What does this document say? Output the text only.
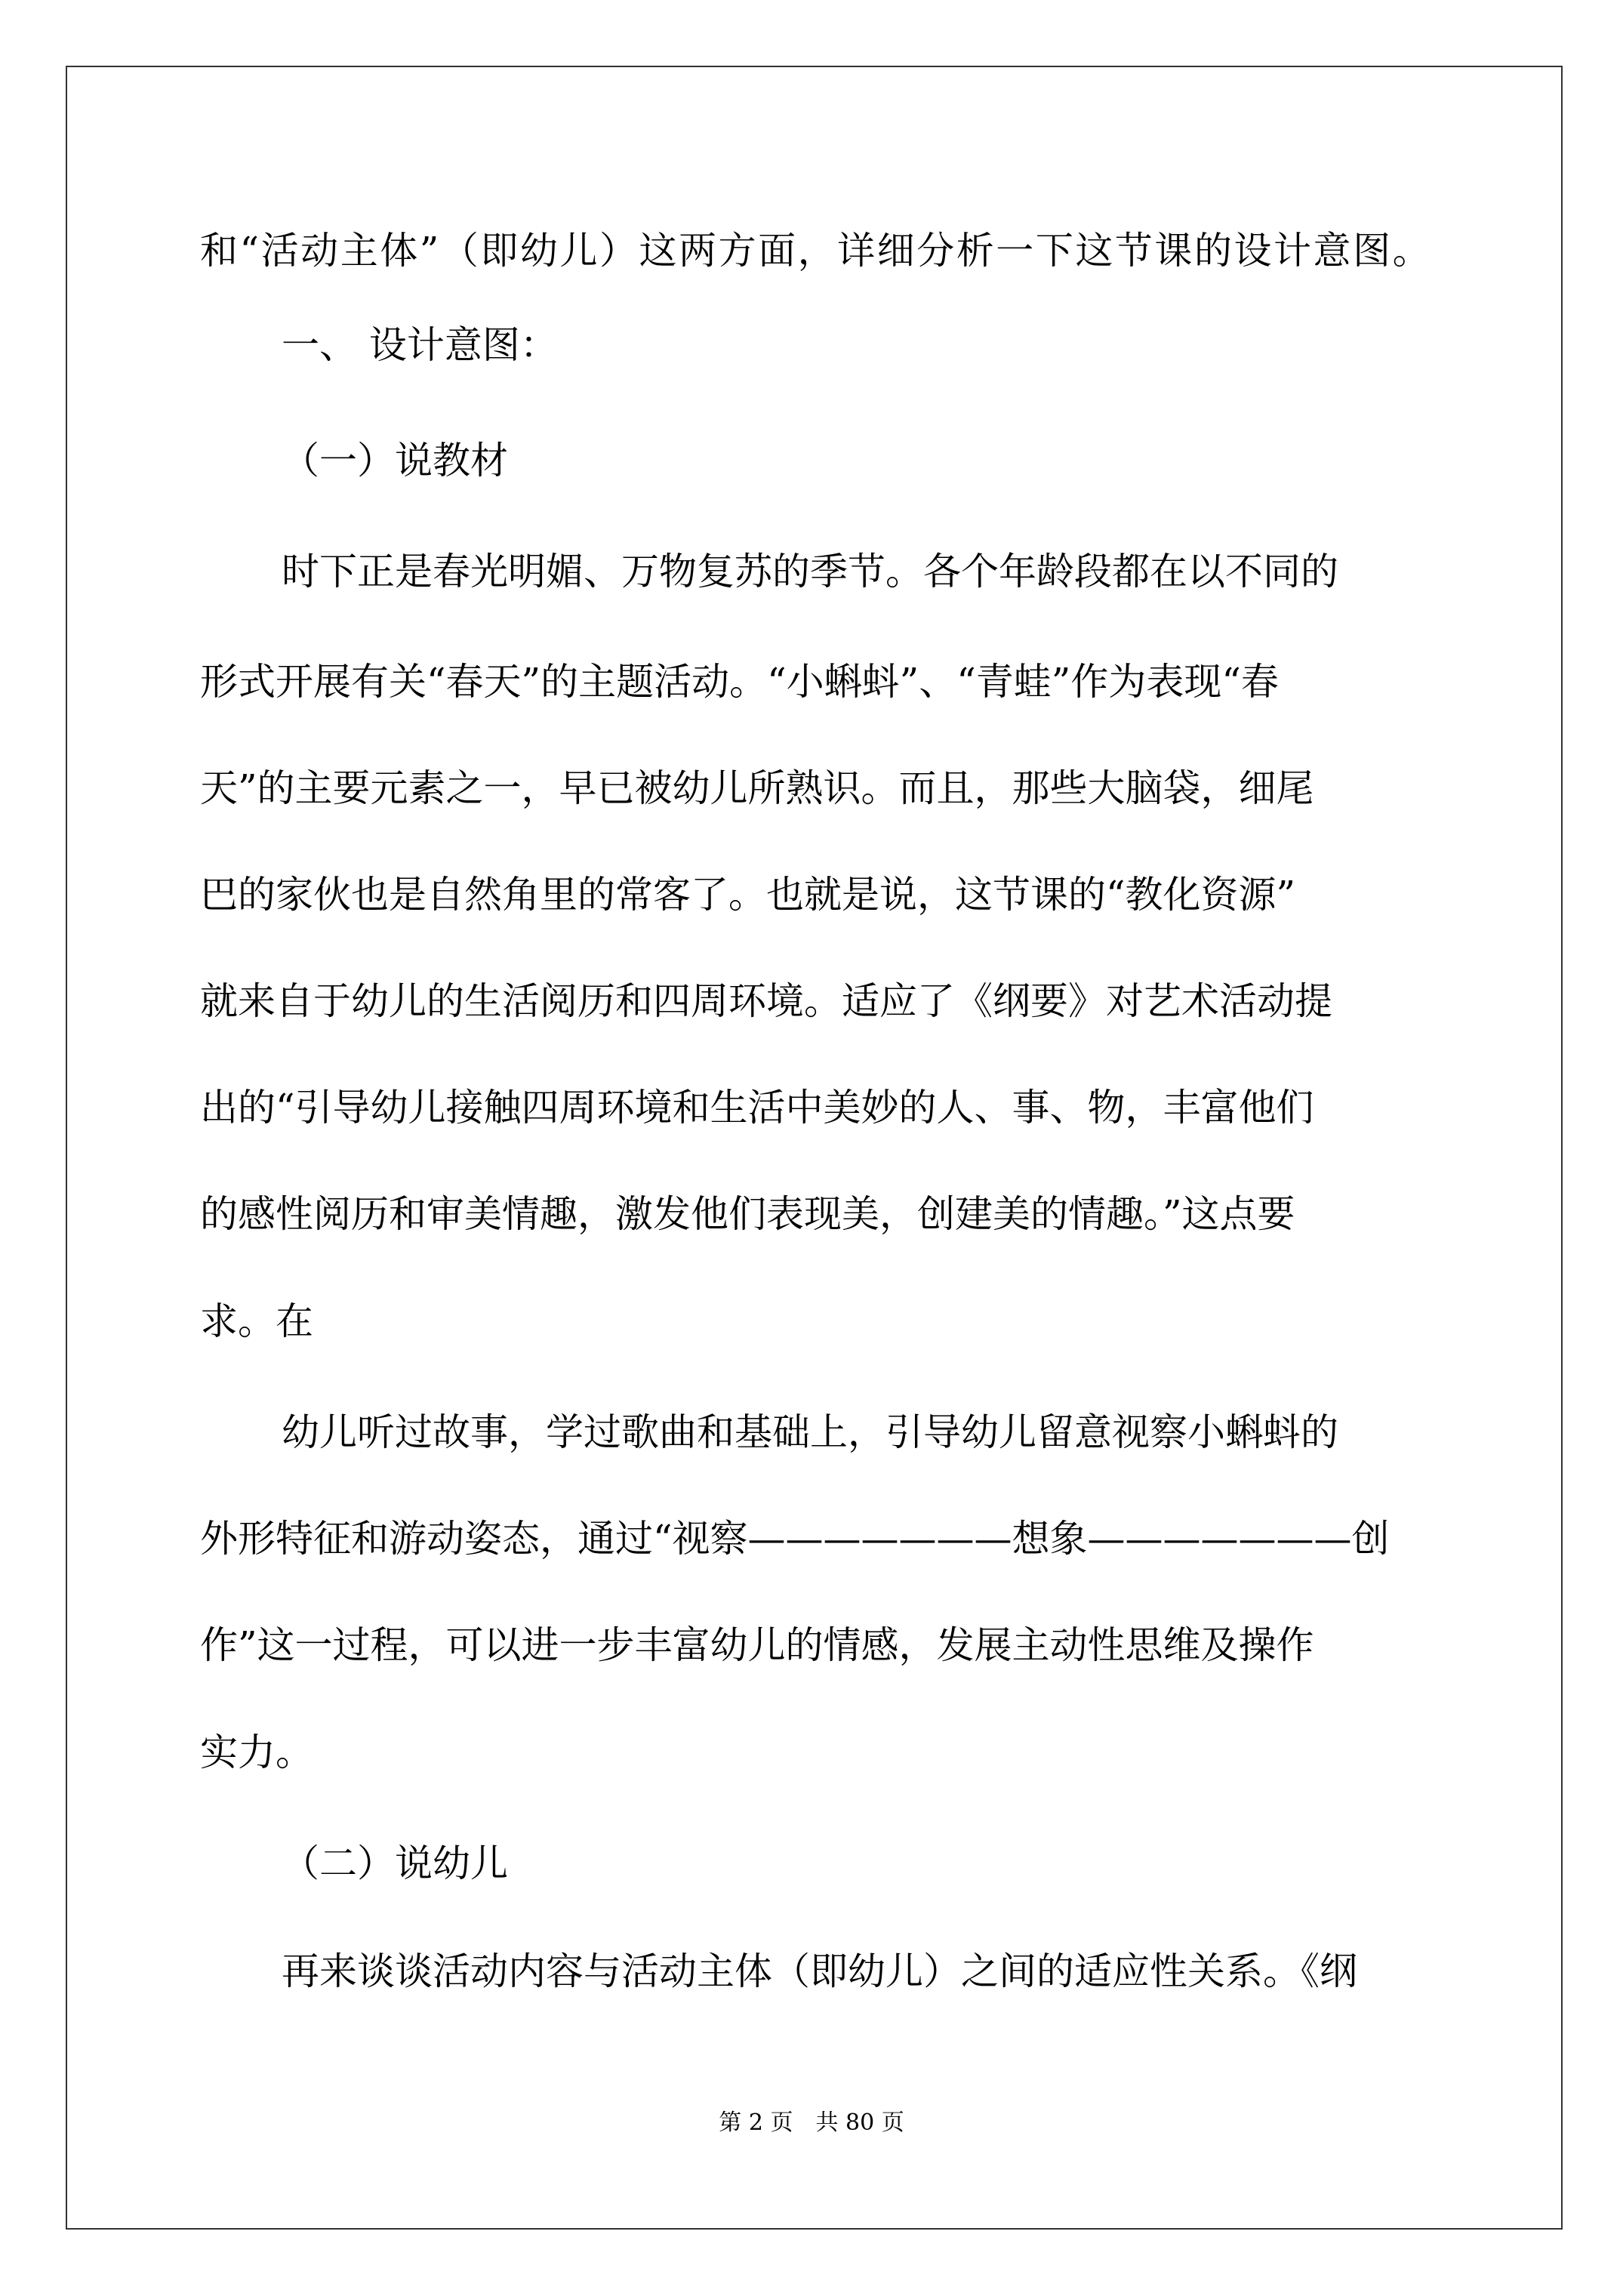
和 “ 活 动 主 体 ” （ 即 幼 儿 ） 这 两 方 面 ， 详 细 分 析 一 下 这 节 课 的 设 计 意 图 。

一、 设计意图：

（一）说教材

时下正是春光明媚、万物复苏的季节。各个年龄段都在以不同的

形式开展有关“春天”的主题活动。“小蝌蚪”、“青蛙”作为表现“春

天”的主要元素之一，早已被幼儿所熟识。而且，那些大脑袋，细尾

巴的家伙也是自然角里的常客了。也就是说，这节课的“教化资源”

就来自于幼儿的生活阅历和四周环境。适应了《纲要》对艺术活动提

出的“引导幼儿接触四周环境和生活中美妙的人、事、物，丰富他们

的感性阅历和审美情趣，激发他们表现美，创建美的情趣。”这点要

求。在

幼儿听过故事，学过歌曲和基础上，引导幼儿留意视察小蝌蚪的

外形特征和游动姿态，通过“视察———————想象———————创

作”这一过程，可以进一步丰富幼儿的情感，发展主动性思维及操作

实力。

（二）说幼儿

再来谈谈活动内容与活动主体（即幼儿）之间的适应性关系。《纲

第 2 页　共 80 页
